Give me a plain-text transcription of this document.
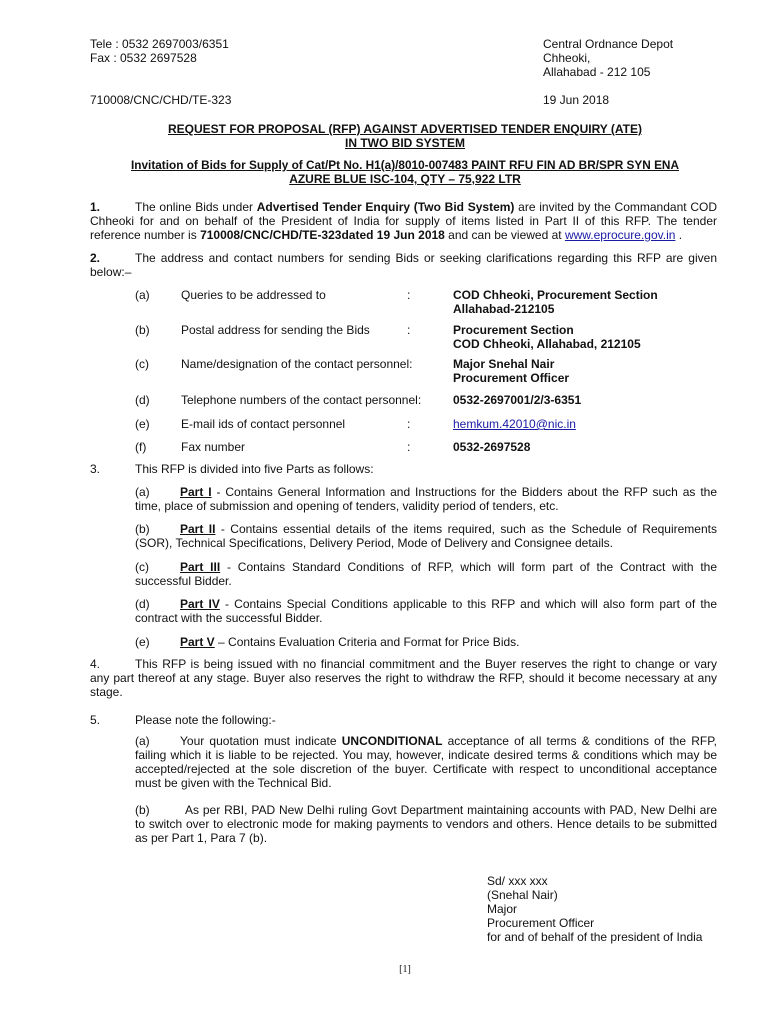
Tele : 0532 2697003/6351
Fax : 0532 2697528
Central Ordnance Depot
Chheoki,
Allahabad - 212 105
710008/CNC/CHD/TE-323	19 Jun 2018
REQUEST FOR PROPOSAL (RFP) AGAINST ADVERTISED TENDER ENQUIRY (ATE)
IN TWO BID SYSTEM
Invitation of Bids for Supply of Cat/Pt No. H1(a)/8010-007483 PAINT RFU FIN AD BR/SPR SYN ENA
AZURE BLUE ISC-104, QTY – 75,922 LTR
1.	The online Bids under Advertised Tender Enquiry (Two Bid System) are invited by the Commandant COD Chheoki for and on behalf of the President of India for supply of items listed in Part II of this RFP. The tender reference number is 710008/CNC/CHD/TE-323dated 19 Jun 2018 and can be viewed at www.eprocure.gov.in .
2.	The address and contact numbers for sending Bids or seeking clarifications regarding this RFP are given below:–
(a)	Queries to be addressed to	:	COD Chheoki, Procurement Section
Allahabad-212105
(b)	Postal address for sending the Bids	:	Procurement Section
COD Chheoki, Allahabad, 212105
(c)	Name/designation of the contact personnel:	Major Snehal Nair
Procurement Officer
(d)	Telephone numbers of the contact personnel:	0532-2697001/2/3-6351
(e)	E-mail ids of contact personnel	:	hemkum.42010@nic.in
(f)	Fax number	:	0532-2697528
3.	This RFP is divided into five Parts as follows:
(a)	Part I - Contains General Information and Instructions for the Bidders about the RFP such as the time, place of submission and opening of tenders, validity period of tenders, etc.
(b)	Part II - Contains essential details of the items required, such as the Schedule of Requirements (SOR), Technical Specifications, Delivery Period, Mode of Delivery and Consignee details.
(c)	Part III - Contains Standard Conditions of RFP, which will form part of the Contract with the successful Bidder.
(d)	Part IV - Contains Special Conditions applicable to this RFP and which will also form part of the contract with the successful Bidder.
(e)	Part V – Contains Evaluation Criteria and Format for Price Bids.
4.	This RFP is being issued with no financial commitment and the Buyer reserves the right to change or vary any part thereof at any stage. Buyer also reserves the right to withdraw the RFP, should it become necessary at any stage.
5.	Please note the following:-
(a)	Your quotation must indicate UNCONDITIONAL acceptance of all terms & conditions of the RFP, failing which it is liable to be rejected. You may, however, indicate desired terms & conditions which may be accepted/rejected at the sole discretion of the buyer. Certificate with respect to unconditional acceptance must be given with the Technical Bid.
(b)	As per RBI, PAD New Delhi ruling Govt Department maintaining accounts with PAD, New Delhi are to switch over to electronic mode for making payments to vendors and others. Hence details to be submitted as per Part 1, Para 7 (b).
Sd/ xxx xxx
(Snehal Nair)
Major
Procurement Officer
for and of behalf of the president of India
[1]
